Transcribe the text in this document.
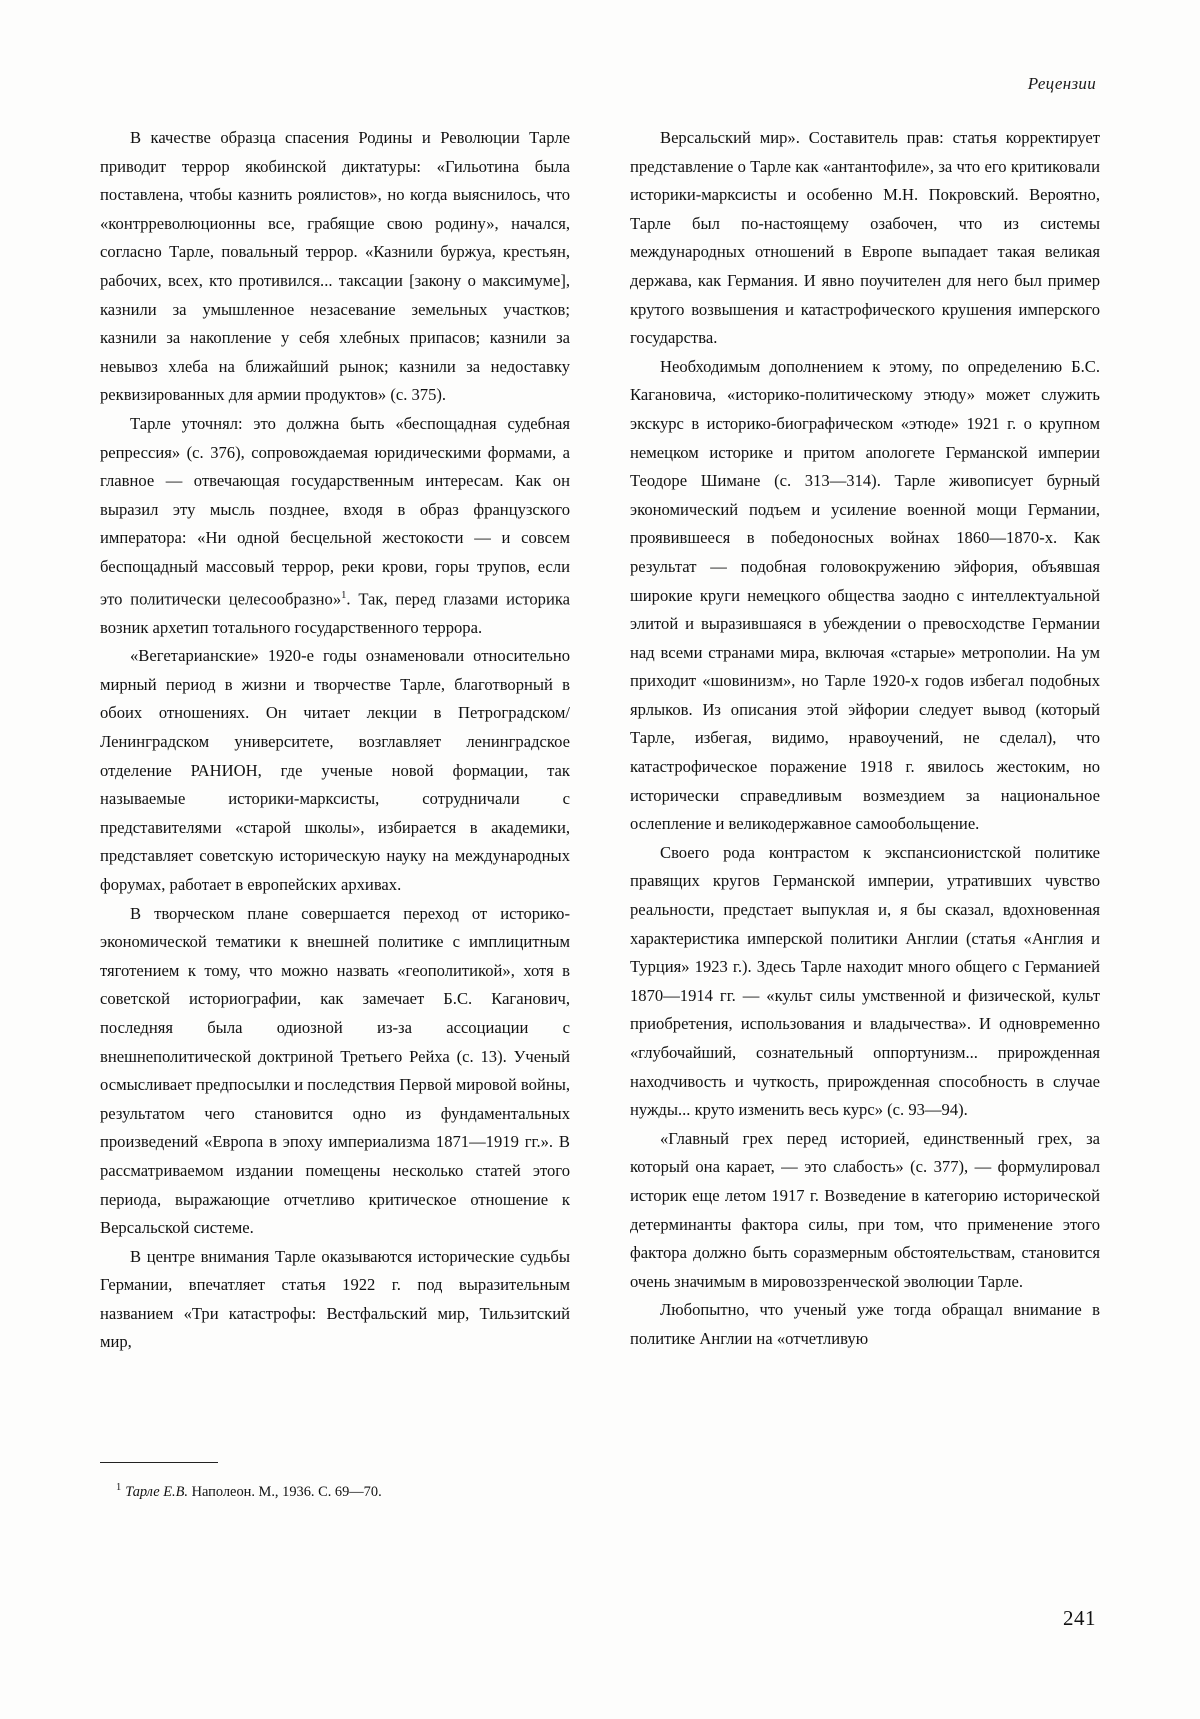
Рецензии

В качестве образца спасения Родины и Революции Тарле приводит террор якобинской диктатуры: «Гильотина была поставлена, чтобы казнить роялистов», но когда выяснилось, что «контрреволюционны все, грабящие свою родину», начался, согласно Тарле, повальный террор. «Казнили буржуа, крестьян, рабочих, всех, кто противился... таксации [закону о максимуме], казнили за умышленное незасевание земельных участков; казнили за накопление у себя хлебных припасов; казнили за невывоз хлеба на ближайший рынок; казнили за недоставку реквизированных для армии продуктов» (с. 375).

Тарле уточнял: это должна быть «беспощадная судебная репрессия» (с. 376), сопровождаемая юридическими формами, а главное — отвечающая государственным интересам. Как он выразил эту мысль позднее, входя в образ французского императора: «Ни одной бесцельной жестокости — и совсем беспощадный массовый террор, реки крови, горы трупов, если это политически целесообразно»$^1$. Так, перед глазами историка возник архетип тотального государственного террора.

«Вегетарианские» 1920-е годы ознаменовали относительно мирный период в жизни и творчестве Тарле, благотворный в обоих отношениях. Он читает лекции в Петроградском/Ленинградском университете, возглавляет ленинградское отделение РАНИОН, где ученые новой формации, так называемые историки-марксисты, сотрудничали с представителями «старой школы», избирается в академики, представляет советскую историческую науку на международных форумах, работает в европейских архивах.

В творческом плане совершается переход от историко-экономической тематики к внешней политике с имплицитным тяготением к тому, что можно назвать «геополитикой», хотя в советской историографии, как замечает Б.С. Каганович, последняя была одиозной из-за ассоциации с внешнеполитической доктриной Третьего Рейха (с. 13). Ученый осмысливает предпосылки и последствия Первой мировой войны, результатом чего становится одно из фундаментальных произведений «Европа в эпоху империализма 1871—1919 гг.». В рассматриваемом издании помещены несколько статей этого периода, выражающие отчетливо критическое отношение к Версальской системе.

В центре внимания Тарле оказываются исторические судьбы Германии, впечатляет статья 1922 г. под выразительным названием «Три катастрофы: Вестфальский мир, Тильзитский мир,

Версальский мир». Составитель прав: статья корректирует представление о Тарле как «антантофиле», за что его критиковали историки-марксисты и особенно М.Н. Покровский. Вероятно, Тарле был по-настоящему озабочен, что из системы международных отношений в Европе выпадает такая великая держава, как Германия. И явно поучителен для него был пример крутого возвышения и катастрофического крушения имперского государства.

Необходимым дополнением к этому, по определению Б.С. Кагановича, «историко-политическому этюду» может служить экскурс в историко-биографическом «этюде» 1921 г. о крупном немецком историке и притом апологете Германской империи Теодоре Шимане (с. 313—314). Тарле живописует бурный экономический подъем и усиление военной мощи Германии, проявившееся в победоносных войнах 1860—1870-х. Как результат — подобная головокружению эйфория, объявшая широкие круги немецкого общества заодно с интеллектуальной элитой и выразившаяся в убеждении о превосходстве Германии над всеми странами мира, включая «старые» метрополии. На ум приходит «шовинизм», но Тарле 1920-х годов избегал подобных ярлыков. Из описания этой эйфории следует вывод (который Тарле, избегая, видимо, нравоучений, не сделал), что катастрофическое поражение 1918 г. явилось жестоким, но исторически справедливым возмездием за национальное ослепление и великодержавное самообольщение.

Своего рода контрастом к экспансионистской политике правящих кругов Германской империи, утративших чувство реальности, предстает выпуклая и, я бы сказал, вдохновенная характеристика имперской политики Англии (статья «Англия и Турция» 1923 г.). Здесь Тарле находит много общего с Германией 1870—1914 гг. — «культ силы умственной и физической, культ приобретения, использования и владычества». И одновременно «глубочайший, сознательный оппортунизм... прирожденная находчивость и чуткость, прирожденная способность в случае нужды... круто изменить весь курс» (с. 93—94).

«Главный грех перед историей, единственный грех, за который она карает, — это слабость» (с. 377), — формулировал историк еще летом 1917 г. Возведение в категорию исторической детерминанты фактора силы, при том, что применение этого фактора должно быть соразмерным обстоятельствам, становится очень значимым в мировоззренческой эволюции Тарле.

Любопытно, что ученый уже тогда обращал внимание в политике Англии на «отчетливую

$^1$ Тарле Е.В. Наполеон. М., 1936. С. 69—70.

241
